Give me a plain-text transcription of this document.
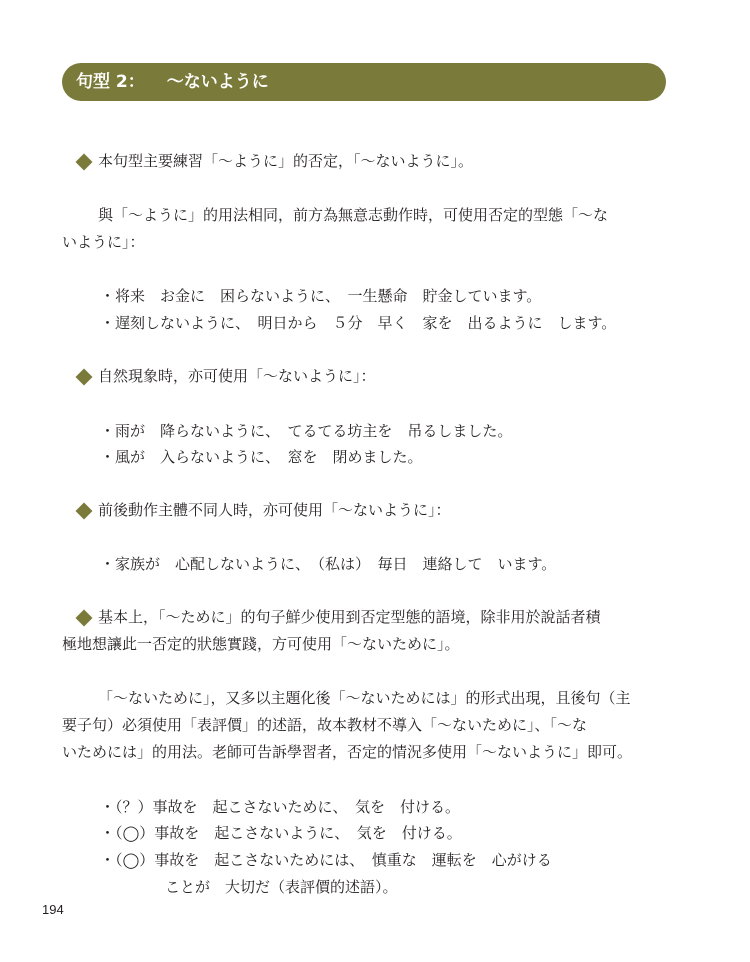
句型 2： ～ないように
本句型主要練習「～ように」的否定，「～ないように」。
與「～ように」的用法相同，前方為無意志動作時，可使用否定的型態「～な
いように」：
・将来　お金に　困らないように、　一生懸命　貯金しています。
・遅刻しないように、　明日から　５分　早く　家を　出るように　します。
自然現象時，亦可使用「～ないように」：
・雨が　降らないように、　てるてる坊主を　吊るしました。
・風が　入らないように、　窓を　閉めました。
前後動作主體不同人時，亦可使用「～ないように」：
・家族が　心配しないように、　（私は）　毎日　連絡して　います。
基本上，「～ために」的句子鮮少使用到否定型態的語境，除非用於說話者積
極地想讓此一否定的狀態實踐，方可使用「～ないために」。
「～ないために」，又多以主題化後「～ないためには」的形式出現，且後句（主
要子句）必須使用「表評價」的述語，故本教材不導入「～ないために」、「～な
いためには」的用法。老師可告訴學習者，否定的情況多使用「～ないように」即可。
・（？）事故を　起こさないために、　気を　付ける。
・（◯）事故を　起こさないように、　気を　付ける。
・（◯）事故を　起こさないためには、　慎重な　運転を　心がける
ことが　大切だ（表評價的述語）。
194
